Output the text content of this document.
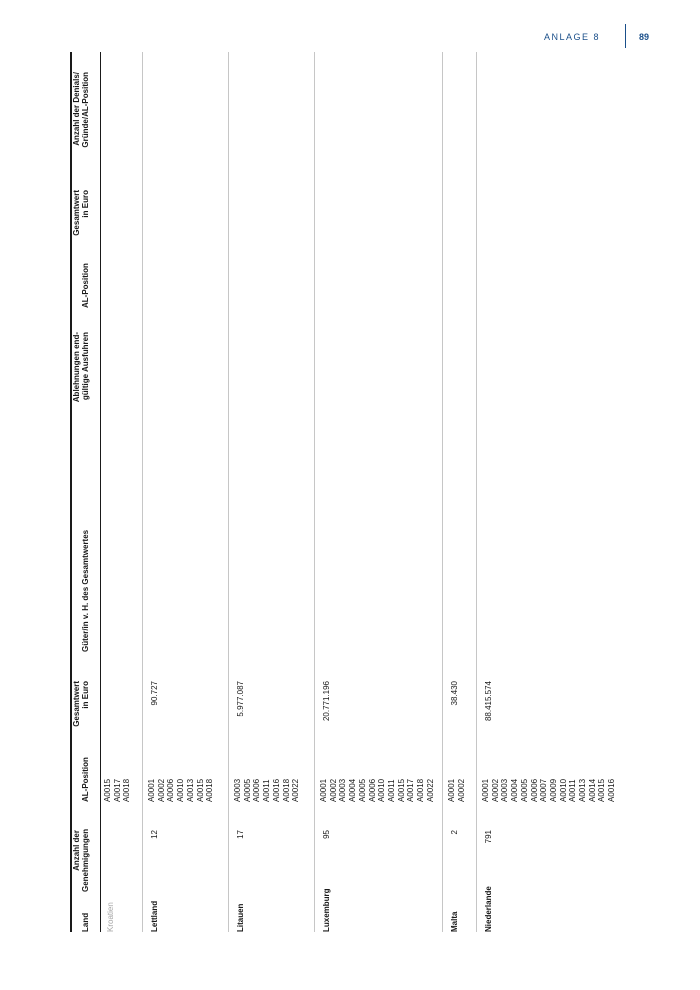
ANLAGE 8	89
Land
Anzahl der Genehmigungen
AL-Position
Gesamtwert in Euro
Güter/in v. H. des Gesamtwertes
Ablehnungen end- gültige Ausfuhren
AL-Position
Gesamtwert in Euro
Anzahl der Denials/ Gründe/AL-Position
Kroatien
A0015 A0017 A0018
Lettland
12
A0001 A0002 A0006 A0010 A0013 A0015 A0018
90.727
Litauen
17
A0003 A0005 A0006 A0011 A0016 A0018 A0022
5.977.087
Luxemburg
95
A0001 A0002 A0003 A0004 A0005 A0006 A0010 A0011 A0015 A0017 A0018 A0022
20.771.196
Malta
2
A0001 A0002
38.430
Niederlande
791
A0001 A0002 A0003 A0004 A0005 A0006 A0007 A0009 A0010 A0011 A0013 A0014 A0015 A0016
88.415.574
